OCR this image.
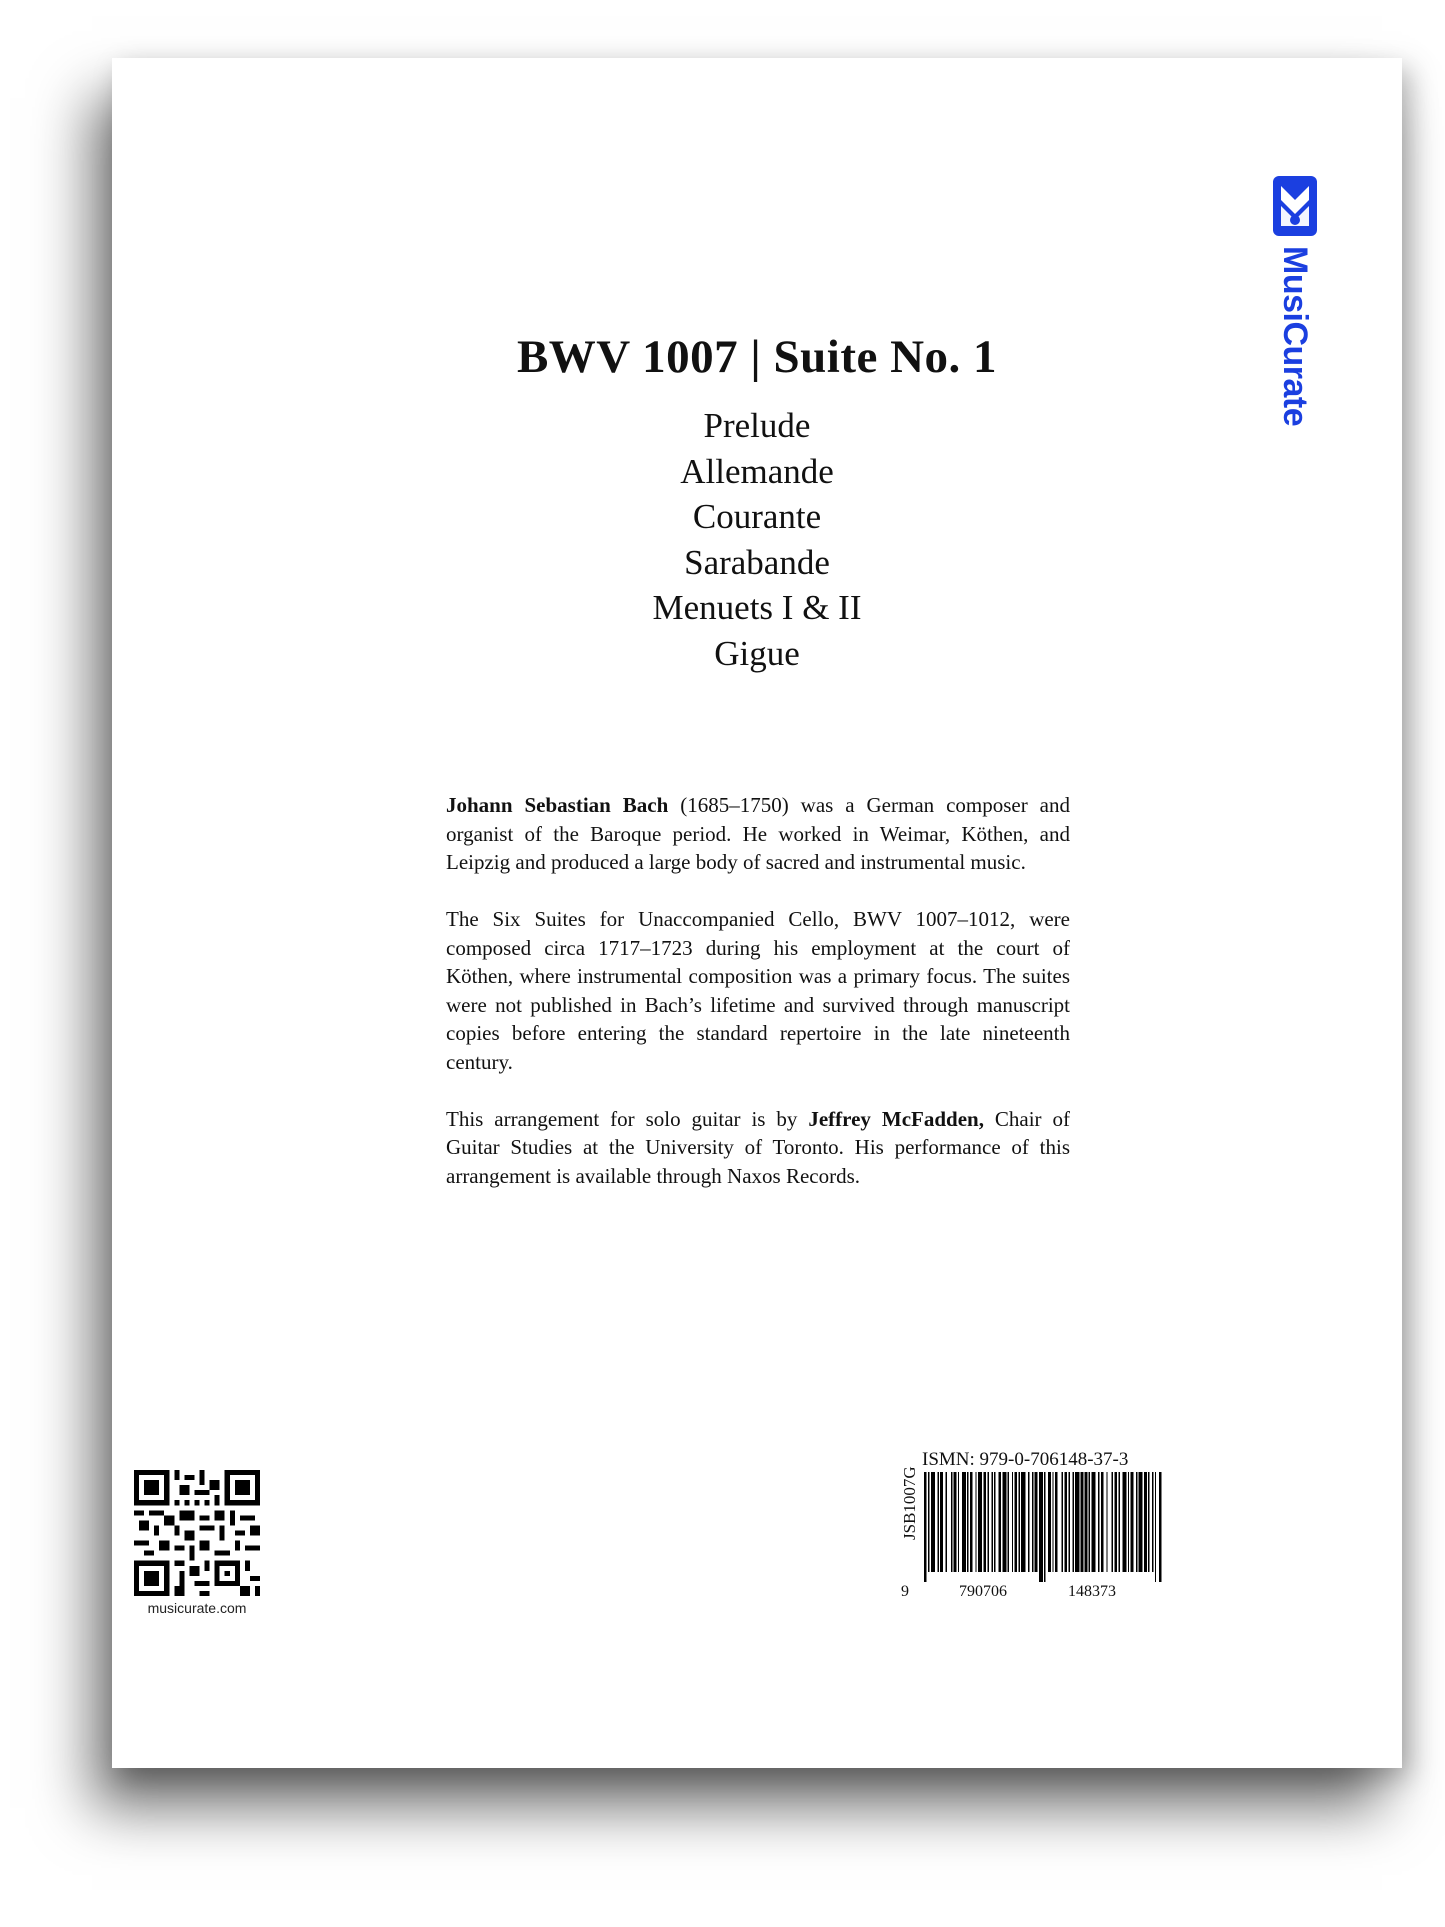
BWV 1007 | Suite No. 1
Prelude
Allemande
Courante
Sarabande
Menuets I & II
Gigue

Johann Sebastian Bach (1685–1750) was a German composer and organist of the Baroque period. He worked in Weimar, Köthen, and Leipzig and produced a large body of sacred and instrumental music.

The Six Suites for Unaccompanied Cello, BWV 1007–1012, were composed circa 1717–1723 during his employment at the court of Köthen, where instrumental composition was a primary focus. The suites were not published in Bach’s lifetime and survived through manuscript copies before entering the standard repertoire in the late nineteenth century.

This arrangement for solo guitar is by Jeffrey McFadden, Chair of Guitar Studies at the University of Toronto. His performance of this arrangement is available through Naxos Records.

MusiCurate
musicurate.com
ISMN: 979-0-706148-37-3
JSB1007G
9	790706	148373
